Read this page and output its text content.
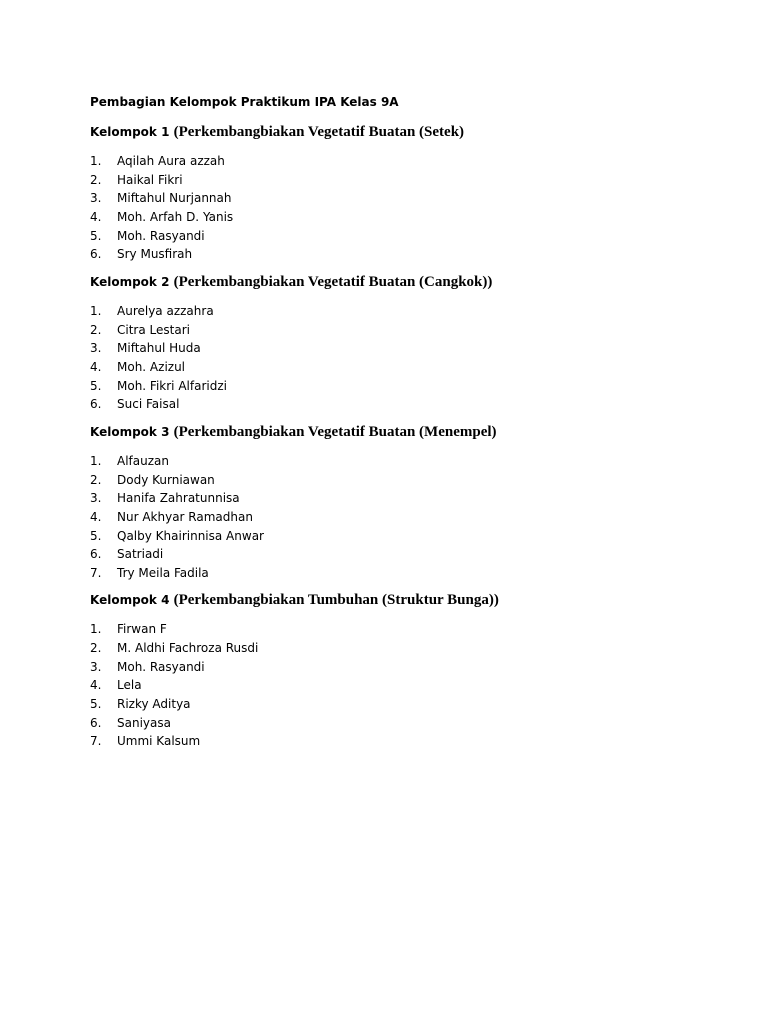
Pembagian Kelompok Praktikum IPA Kelas 9A

Kelompok 1 (Perkembangbiakan Vegetatif Buatan (Setek)

1. Aqilah Aura azzah
2. Haikal Fikri
3. Miftahul Nurjannah
4. Moh. Arfah D. Yanis
5. Moh. Rasyandi
6. Sry Musfirah

Kelompok 2 (Perkembangbiakan Vegetatif Buatan (Cangkok))

1. Aurelya azzahra
2. Citra Lestari
3. Miftahul Huda
4. Moh. Azizul
5. Moh. Fikri Alfaridzi
6. Suci Faisal

Kelompok 3 (Perkembangbiakan Vegetatif Buatan (Menempel)

1. Alfauzan
2. Dody Kurniawan
3. Hanifa Zahratunnisa
4. Nur Akhyar Ramadhan
5. Qalby Khairinnisa Anwar
6. Satriadi
7. Try Meila Fadila

Kelompok 4 (Perkembangbiakan Tumbuhan (Struktur Bunga))

1. Firwan F
2. M. Aldhi Fachroza Rusdi
3. Moh. Rasyandi
4. Lela
5. Rizky Aditya
6. Saniyasa
7. Ummi Kalsum
